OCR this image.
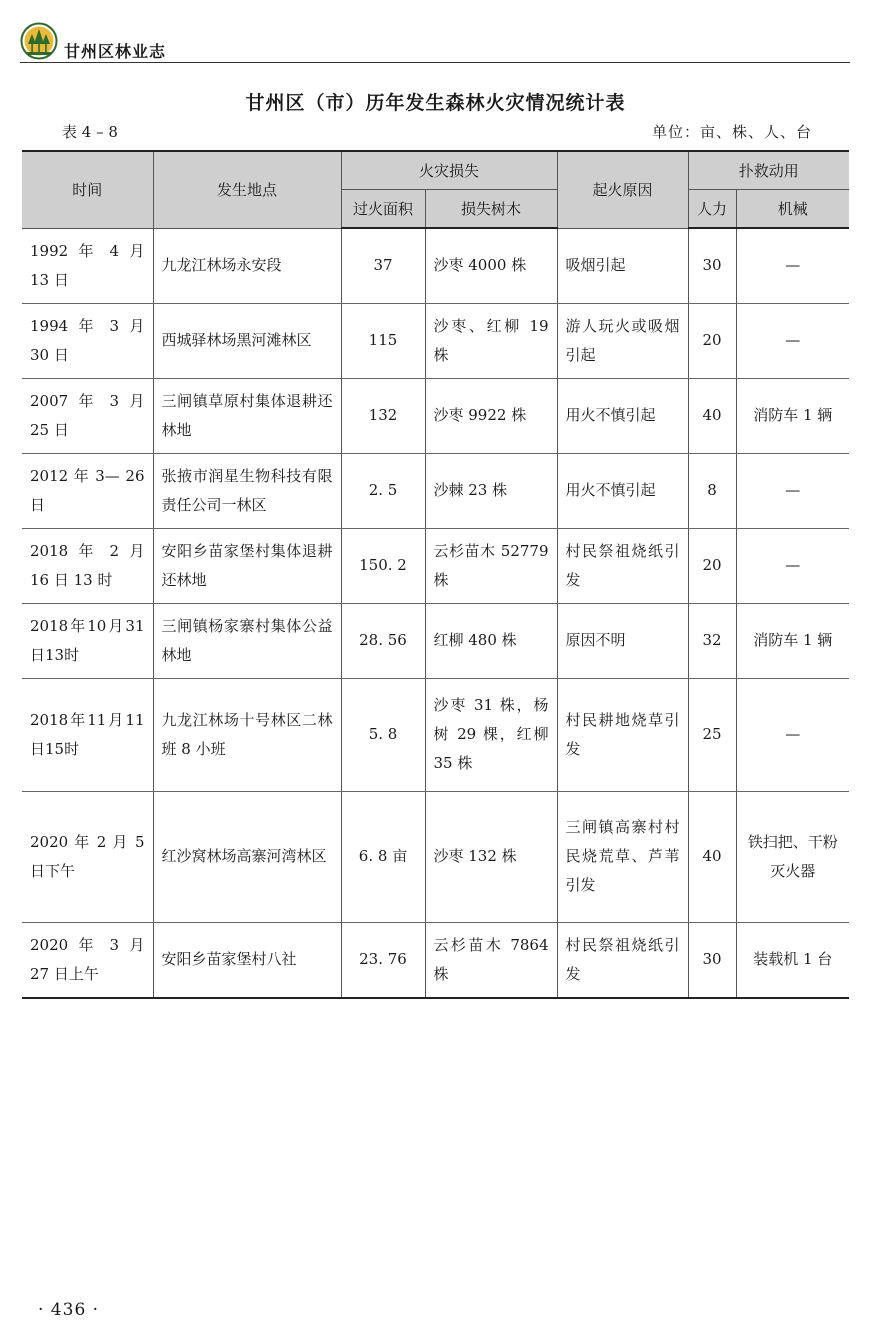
甘州区林业志
甘州区（市）历年发生森林火灾情况统计表
表 4 – 8	单位：亩、株、人、台
时间	发生地点	火灾损失		起火原因	扑救动用	
		过火面积	损失树木		人力	机械
1992 年 4 月 13 日	九龙江林场永安段	37	沙枣 4000 株	吸烟引起	30	—
1994 年 3 月 30 日	西城驿林场黑河滩林区	115	沙枣、红柳 19 株	游人玩火或吸烟引起	20	—
2007 年 3 月 25 日	三闸镇草原村集体退耕还林地	132	沙枣 9922 株	用火不慎引起	40	消防车 1 辆
2012 年 3— 26 日	张掖市润星生物科技有限责任公司一林区	2. 5	沙棘 23 株	用火不慎引起	8	—
2018 年 2 月 16 日 13 时	安阳乡苗家堡村集体退耕还林地	150. 2	云杉苗木 52779 株	村民祭祖烧纸引发	20	—
2018年10月31日13时	三闸镇杨家寨村集体公益林地	28. 56	红柳 480 株	原因不明	32	消防车 1 辆
2018年11月11日15时	九龙江林场十号林区二林班 8 小班	5. 8	沙枣 31 株，杨树 29 棵，红柳 35 株	村民耕地烧草引发	25	—
2020 年 2 月 5 日下午	红沙窝林场高寨河湾林区	6. 8 亩	沙枣 132 株	三闸镇高寨村村民烧荒草、芦苇引发	40	铁扫把、干粉灭火器
2020 年 3 月 27 日上午	安阳乡苗家堡村八社	23. 76	云杉苗木 7864 株	村民祭祖烧纸引发	30	装载机 1 台
· 436 ·
